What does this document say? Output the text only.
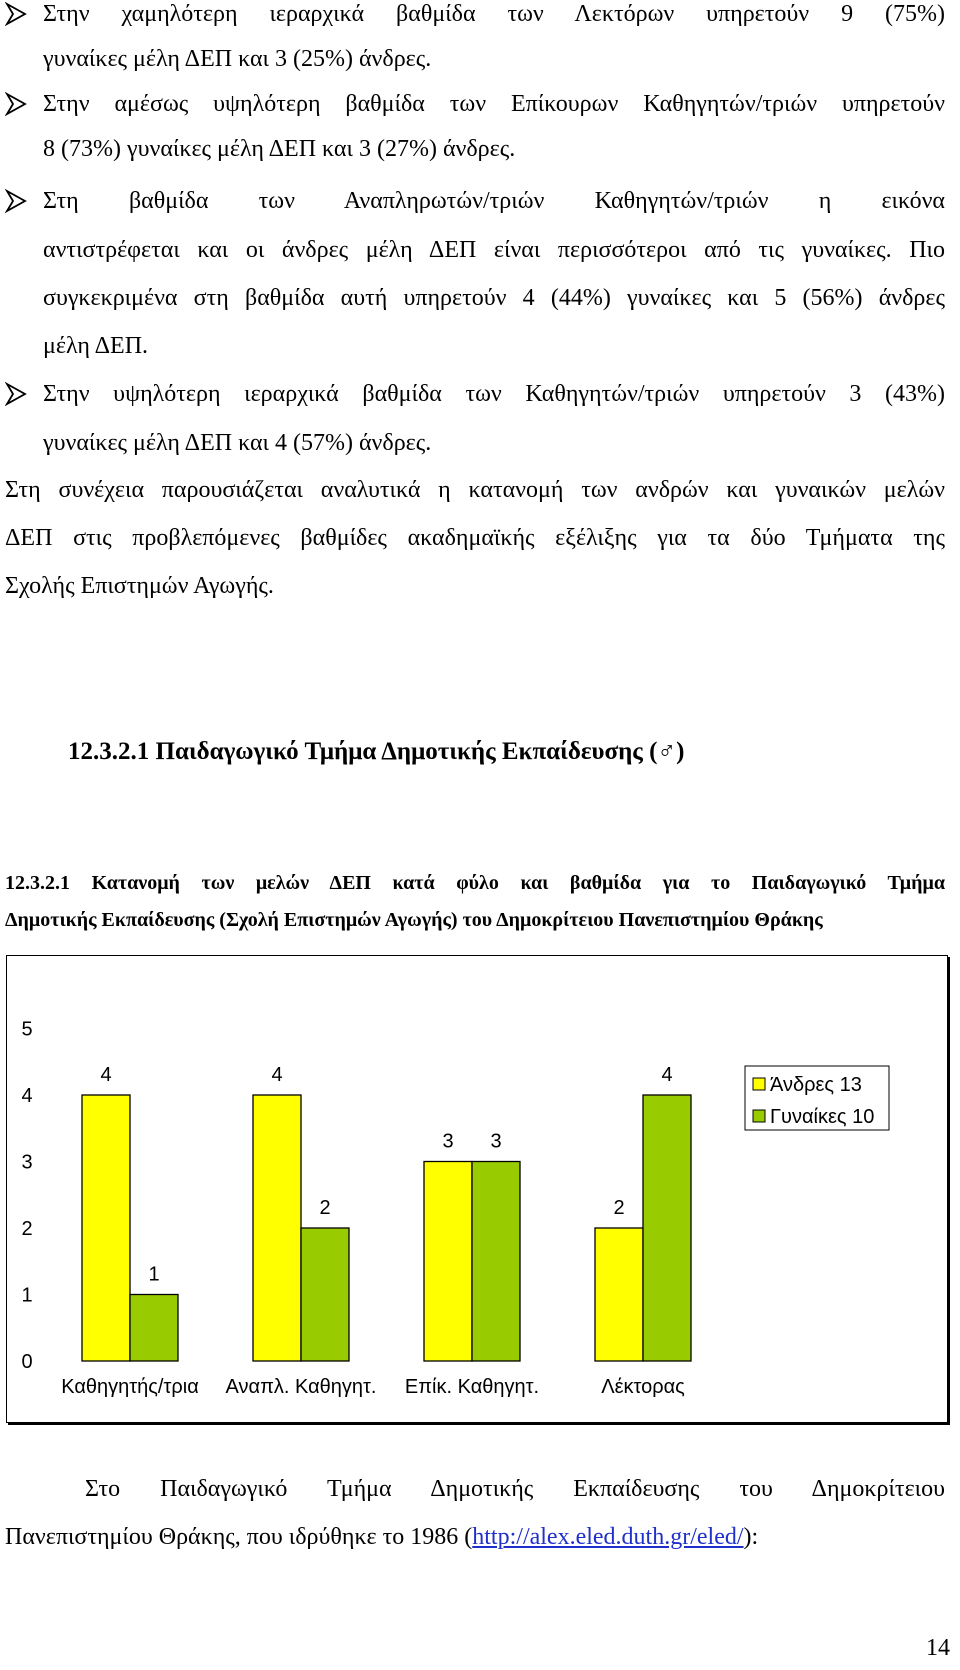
Στην χαμηλότερη ιεραρχικά βαθμίδα των Λεκτόρων υπηρετούν 9 (75%)
γυναίκες μέλη ΔΕΠ και 3 (25%) άνδρες.
Στην αμέσως υψηλότερη βαθμίδα των Επίκουρων Καθηγητών/τριών υπηρετούν
8 (73%) γυναίκες μέλη ΔΕΠ και 3 (27%) άνδρες.
Στη βαθμίδα των Αναπληρωτών/τριών Καθηγητών/τριών η εικόνα
αντιστρέφεται και οι άνδρες μέλη ΔΕΠ είναι περισσότεροι από τις γυναίκες. Πιο
συγκεκριμένα στη βαθμίδα αυτή υπηρετούν 4 (44%) γυναίκες και 5 (56%) άνδρες
μέλη ΔΕΠ.
Στην υψηλότερη ιεραρχικά βαθμίδα των Καθηγητών/τριών υπηρετούν 3 (43%)
γυναίκες μέλη ΔΕΠ και 4 (57%) άνδρες.
Στη συνέχεια παρουσιάζεται αναλυτικά η κατανομή των ανδρών και γυναικών μελών
ΔΕΠ στις προβλεπόμενες βαθμίδες ακαδημαϊκής εξέλιξης για τα δύο Τμήματα της
Σχολής Επιστημών Αγωγής.
12.3.2.1 Παιδαγωγικό Τμήμα Δημοτικής Εκπαίδευσης (♂)
12.3.2.1 Κατανομή των μελών ΔΕΠ κατά φύλο και βαθμίδα για το Παιδαγωγικό Τμήμα
Δημοτικής Εκπαίδευσης (Σχολή Επιστημών Αγωγής) του Δημοκρίτειου Πανεπιστημίου Θράκης
0
1
2
3
4
5
4	4
3
2
1
2
3
4
Καθηγητής/τρια Αναπλ. Καθηγητ. Επίκ. Καθηγητ.	Λέκτορας
Άνδρες 13
Γυναίκες 10
Στο Παιδαγωγικό Τμήμα Δημοτικής Εκπαίδευσης του Δημοκρίτειου
Πανεπιστημίου Θράκης, που ιδρύθηκε το 1986 (http://alex.eled.duth.gr/eled/):
14
